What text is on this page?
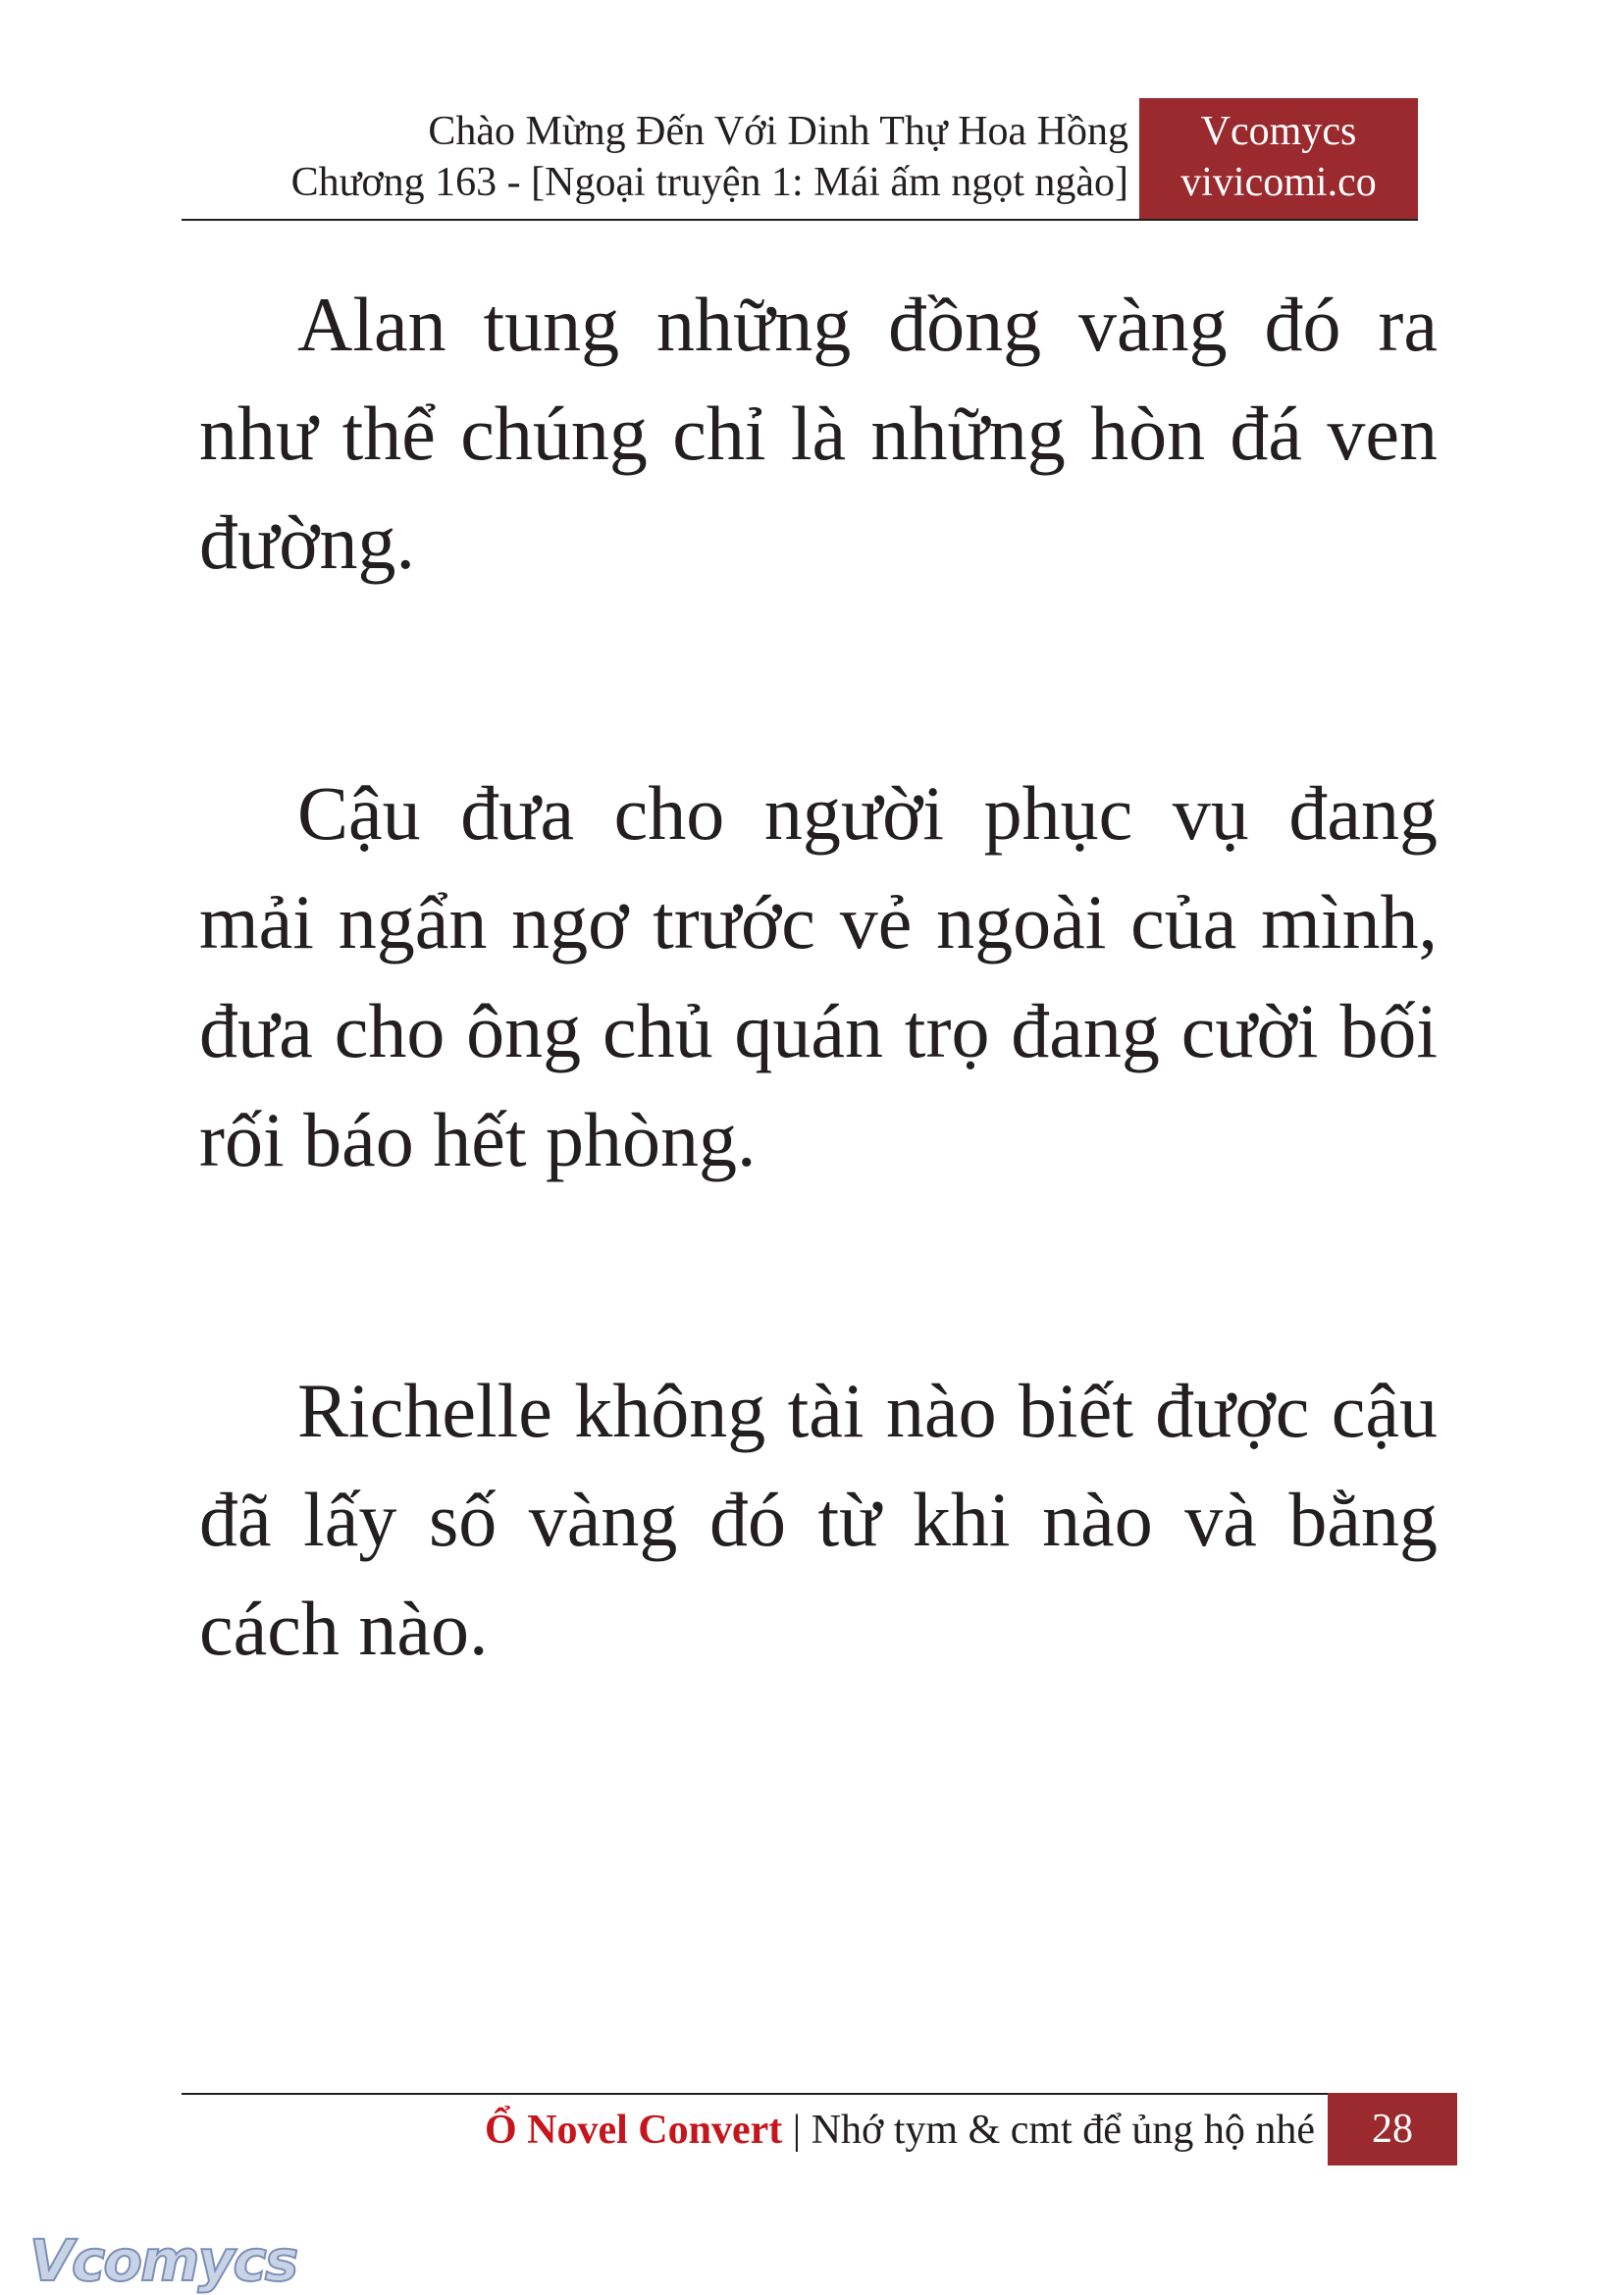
Chào Mừng Đến Với Dinh Thự Hoa Hồng
Chương 163 - [Ngoại truyện 1: Mái ấm ngọt ngào]
Vcomycs
vivicomi.co

Alan tung những đồng vàng đó ra như thể chúng chỉ là những hòn đá ven đường.

Cậu đưa cho người phục vụ đang mải ngẩn ngơ trước vẻ ngoài của mình, đưa cho ông chủ quán trọ đang cười bối rối báo hết phòng.

Richelle không tài nào biết được cậu đã lấy số vàng đó từ khi nào và bằng cách nào.

Ổ Novel Convert | Nhớ tym & cmt để ủng hộ nhé	28
Vcomycs
